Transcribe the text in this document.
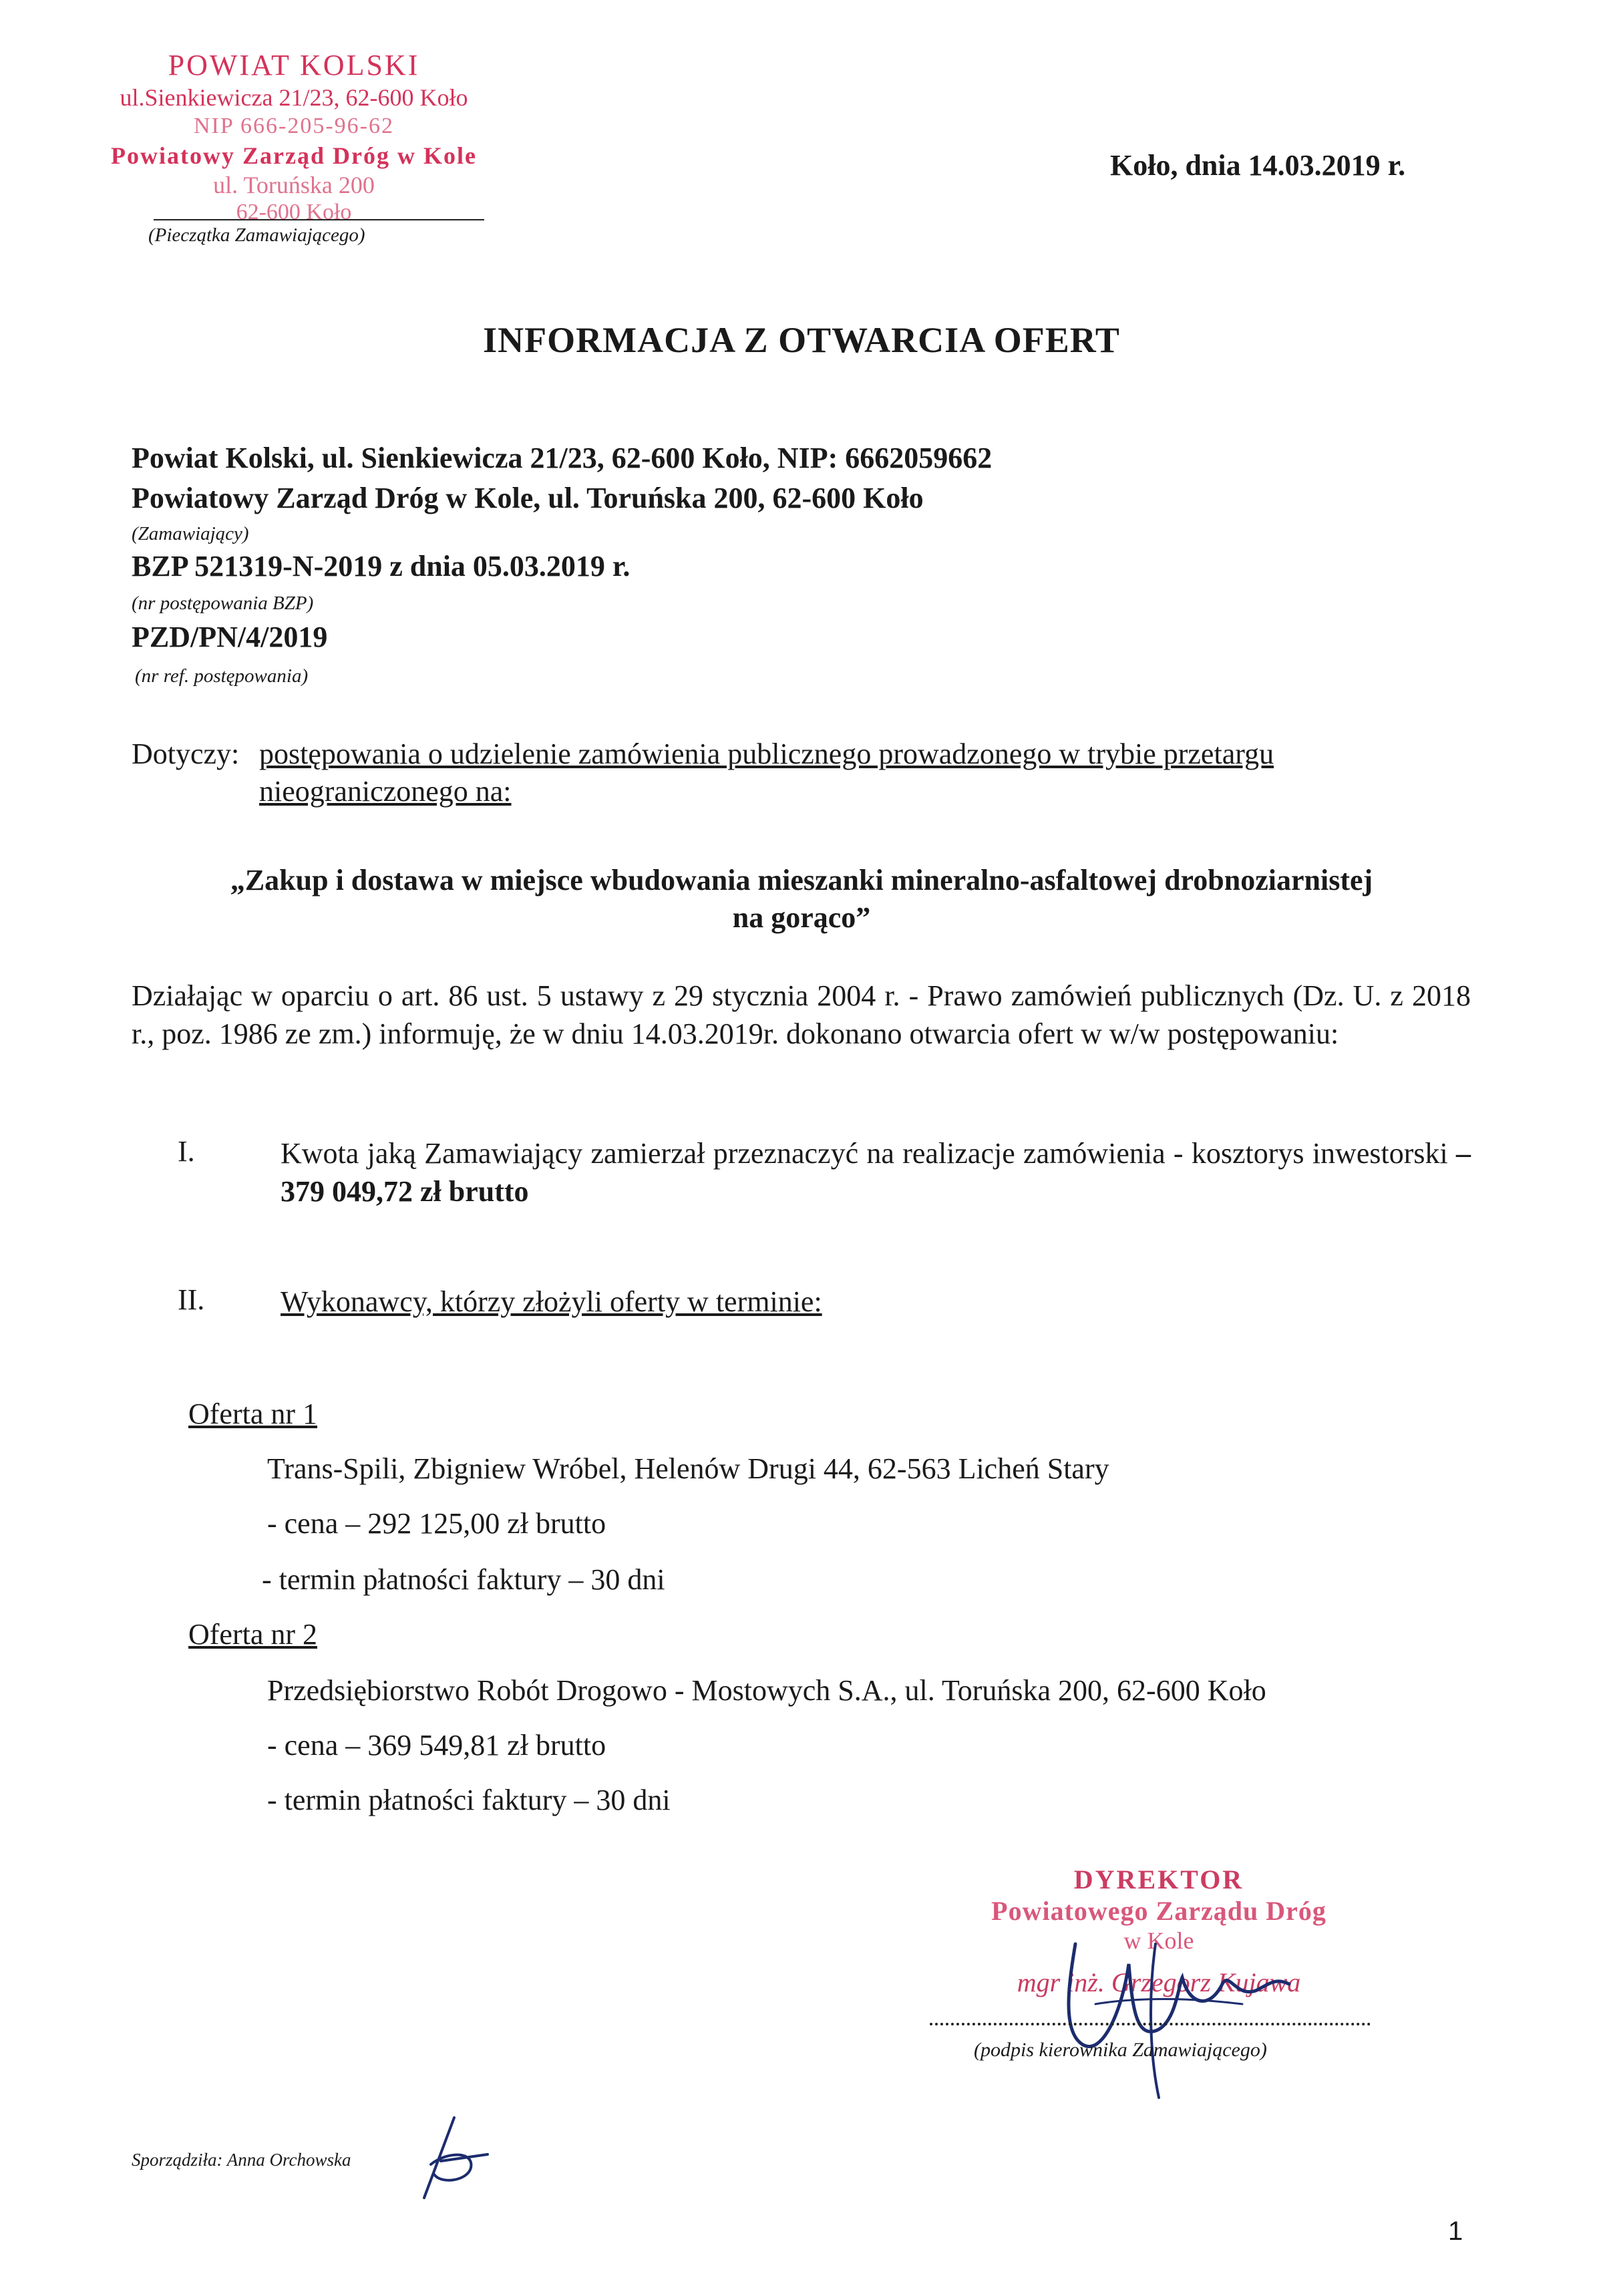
POWIAT KOLSKI
ul.Sienkiewicza 21/23, 62-600 Koło
NIP 666-205-96-62
Powiatowy Zarząd Dróg w Kole
ul. Toruńska 200
62-600 Koło
(Pieczątka Zamawiającego)
Koło, dnia 14.03.2019 r.
INFORMACJA Z OTWARCIA OFERT
Powiat Kolski, ul. Sienkiewicza 21/23, 62-600 Koło, NIP: 6662059662
Powiatowy Zarząd Dróg w Kole, ul. Toruńska 200, 62-600 Koło
(Zamawiający)
BZP 521319-N-2019 z dnia 05.03.2019 r.
(nr postępowania BZP)
PZD/PN/4/2019
(nr ref. postępowania)
Dotyczy: postępowania o udzielenie zamówienia publicznego prowadzonego w trybie przetargu
nieograniczonego na:
„Zakup i dostawa w miejsce wbudowania mieszanki mineralno-asfaltowej drobnoziarnistej
na gorąco”
Działając w oparciu o art. 86 ust. 5 ustawy z 29 stycznia 2004 r. - Prawo zamówień publicznych (Dz. U. z 2018 r., poz. 1986 ze zm.) informuję, że w dniu 14.03.2019r. dokonano otwarcia ofert w w/w postępowaniu:
I.	Kwota jaką Zamawiający zamierzał przeznaczyć na realizacje zamówienia - kosztorys inwestorski – 379 049,72 zł brutto
II.	Wykonawcy, którzy złożyli oferty w terminie:
Oferta nr 1
Trans-Spili, Zbigniew Wróbel, Helenów Drugi 44, 62-563 Licheń Stary
- cena – 292 125,00 zł brutto
- termin płatności faktury – 30 dni
Oferta nr 2
Przedsiębiorstwo Robót Drogowo - Mostowych S.A., ul. Toruńska 200, 62-600 Koło
- cena – 369 549,81 zł brutto
- termin płatności faktury – 30 dni
DYREKTOR
Powiatowego Zarządu Dróg
w Kole
mgr inż. Grzegorz Kujawa
(podpis kierownika Zamawiającego)
Sporządziła: Anna Orchowska
1
